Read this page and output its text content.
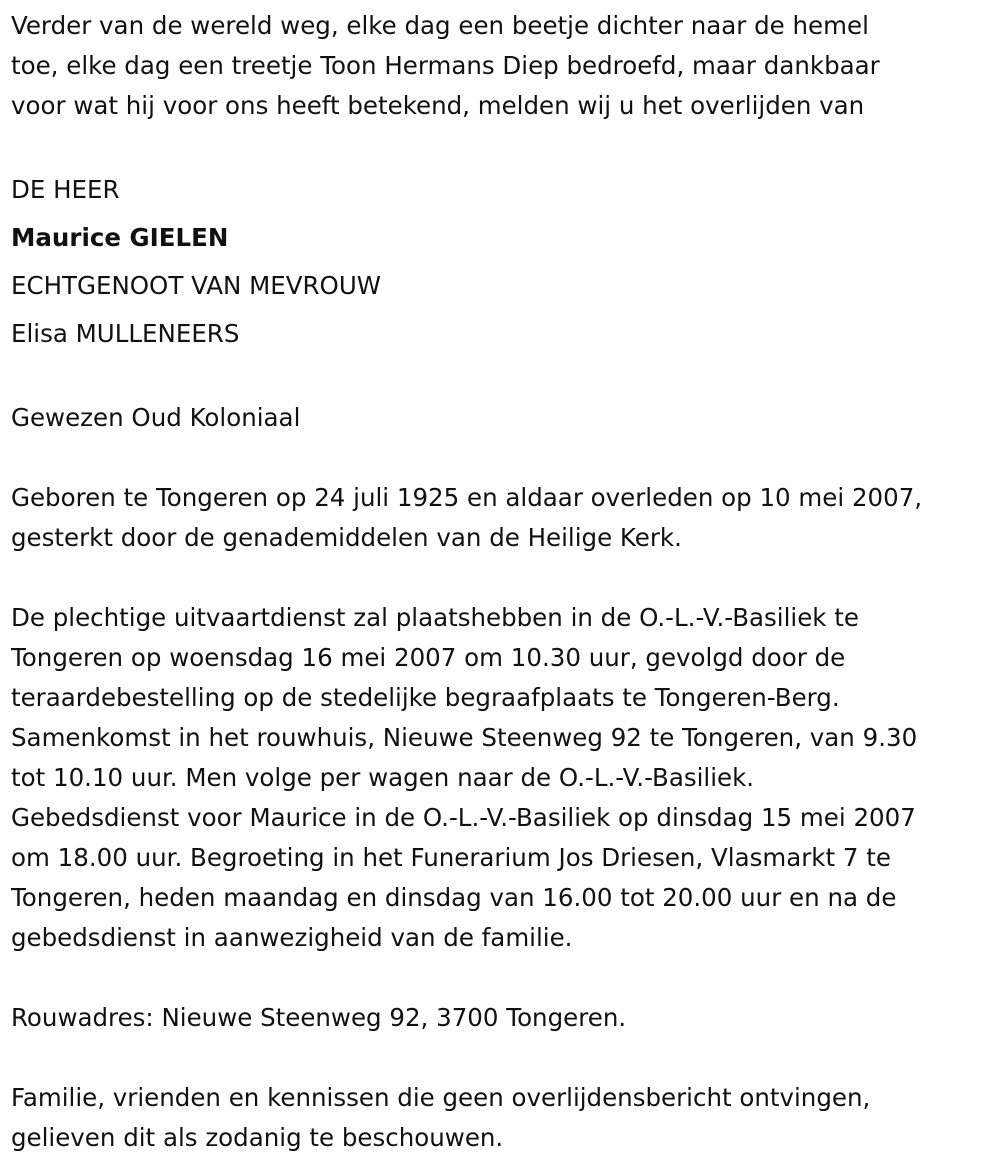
Verder van de wereld weg, elke dag een beetje dichter naar de hemel
toe, elke dag een treetje Toon Hermans Diep bedroefd, maar dankbaar
voor wat hij voor ons heeft betekend, melden wij u het overlijden van

DE HEER
Maurice GIELEN
ECHTGENOOT VAN MEVROUW
Elisa MULLENEERS

Gewezen Oud Koloniaal

Geboren te Tongeren op 24 juli 1925 en aldaar overleden op 10 mei 2007,
gesterkt door de genademiddelen van de Heilige Kerk.

De plechtige uitvaartdienst zal plaatshebben in de O.-L.-V.-Basiliek te
Tongeren op woensdag 16 mei 2007 om 10.30 uur, gevolgd door de
teraardebestelling op de stedelijke begraafplaats te Tongeren-Berg.
Samenkomst in het rouwhuis, Nieuwe Steenweg 92 te Tongeren, van 9.30
tot 10.10 uur. Men volge per wagen naar de O.-L.-V.-Basiliek.
Gebedsdienst voor Maurice in de O.-L.-V.-Basiliek op dinsdag 15 mei 2007
om 18.00 uur. Begroeting in het Funerarium Jos Driesen, Vlasmarkt 7 te
Tongeren, heden maandag en dinsdag van 16.00 tot 20.00 uur en na de
gebedsdienst in aanwezigheid van de familie.

Rouwadres: Nieuwe Steenweg 92, 3700 Tongeren.

Familie, vrienden en kennissen die geen overlijdensbericht ontvingen,
gelieven dit als zodanig te beschouwen.
